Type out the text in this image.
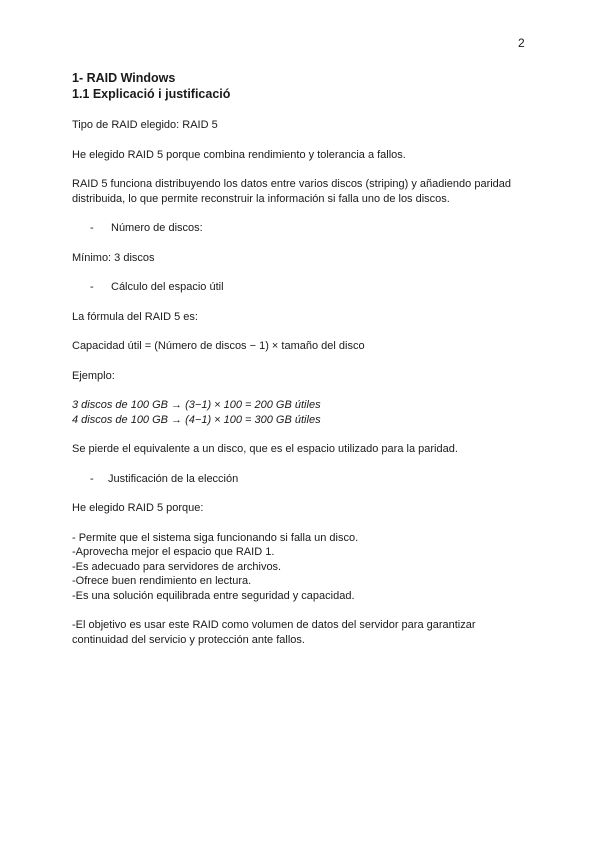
2

1- RAID Windows

1.1 Explicació i justificació

Tipo de RAID elegido: RAID 5

He elegido RAID 5 porque combina rendimiento y tolerancia a fallos.

RAID 5 funciona distribuyendo los datos entre varios discos (striping) y añadiendo paridad

distribuida, lo que permite reconstruir la información si falla uno de los discos.

-	Número de discos:

Mínimo: 3 discos

-	Cálculo del espacio útil

La fórmula del RAID 5 es:

Capacidad útil = (Número de discos − 1) × tamaño del disco

Ejemplo:

3 discos de 100 GB → (3−1) × 100 = 200 GB útiles

4 discos de 100 GB → (4−1) × 100 = 300 GB útiles

Se pierde el equivalente a un disco, que es el espacio utilizado para la paridad.

-	Justificación de la elección

He elegido RAID 5 porque:

- Permite que el sistema siga funcionando si falla un disco.

-Aprovecha mejor el espacio que RAID 1.

-Es adecuado para servidores de archivos.

-Ofrece buen rendimiento en lectura.

-Es una solución equilibrada entre seguridad y capacidad.

-El objetivo es usar este RAID como volumen de datos del servidor para garantizar

continuidad del servicio y protección ante fallos.
